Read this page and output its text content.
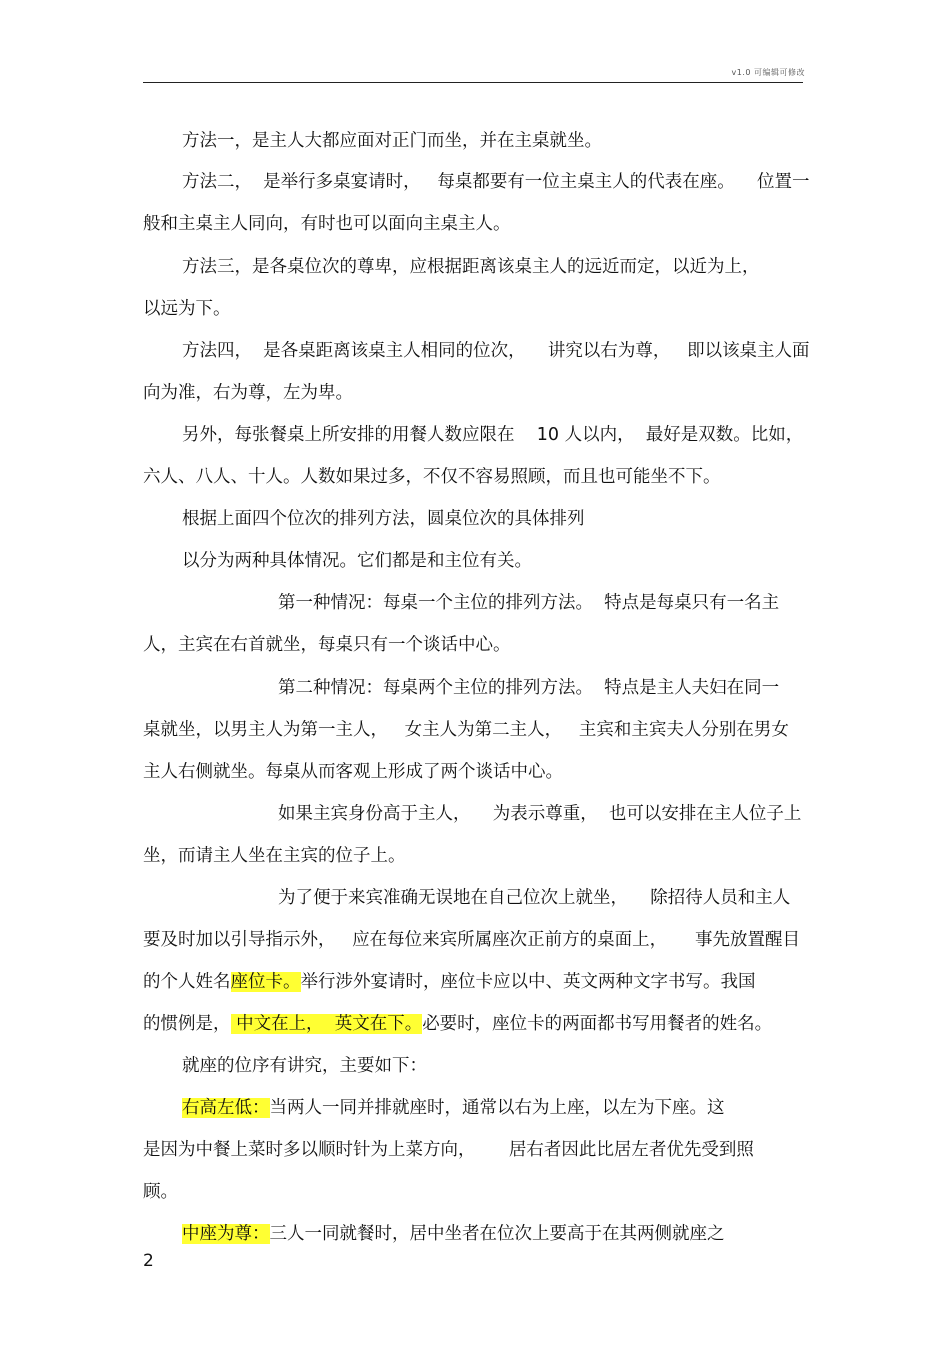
v1.0 可编辑可修改

方法一，是主人大都应面对正门而坐，并在主桌就坐。

方法二，  是举行多桌宴请时，   每桌都要有一位主桌主人的代表在座。    位置一

般和主桌主人同向，有时也可以面向主桌主人。

方法三，是各桌位次的尊卑，应根据距离该桌主人的远近而定，以近为上，

以远为下。

方法四，  是各桌距离该桌主人相同的位次，    讲究以右为尊，   即以该桌主人面

向为准，右为尊，左为卑。

另外，每张餐桌上所安排的用餐人数应限在    10 人以内，  最好是双数。比如，

六人、八人、十人。人数如果过多，不仅不容易照顾，而且也可能坐不下。

根据上面四个位次的排列方法，圆桌位次的具体排列

以分为两种具体情况。它们都是和主位有关。

第一种情况：每桌一个主位的排列方法。  特点是每桌只有一名主

人，主宾在右首就坐，每桌只有一个谈话中心。

第二种情况：每桌两个主位的排列方法。  特点是主人夫妇在同一

桌就坐，以男主人为第一主人，   女主人为第二主人，   主宾和主宾夫人分别在男女

主人右侧就坐。每桌从而客观上形成了两个谈话中心。

如果主宾身份高于主人，    为表示尊重，  也可以安排在主人位子上

坐，而请主人坐在主宾的位子上。

为了便于来宾准确无误地在自己位次上就坐，    除招待人员和主人

要及时加以引导指示外，   应在每位来宾所属座次正前方的桌面上，     事先放置醒目

的个人姓名座位卡。举行涉外宴请时，座位卡应以中、英文两种文字书写。我国

的惯例是， 中文在上，  英文在下。必要时，座位卡的两面都书写用餐者的姓名。

就座的位序有讲究，主要如下：

右高左低：当两人一同并排就座时，通常以右为上座，以左为下座。这

是因为中餐上菜时多以顺时针为上菜方向，      居右者因此比居左者优先受到照

顾。

中座为尊：三人一同就餐时，居中坐者在位次上要高于在其两侧就座之

2
